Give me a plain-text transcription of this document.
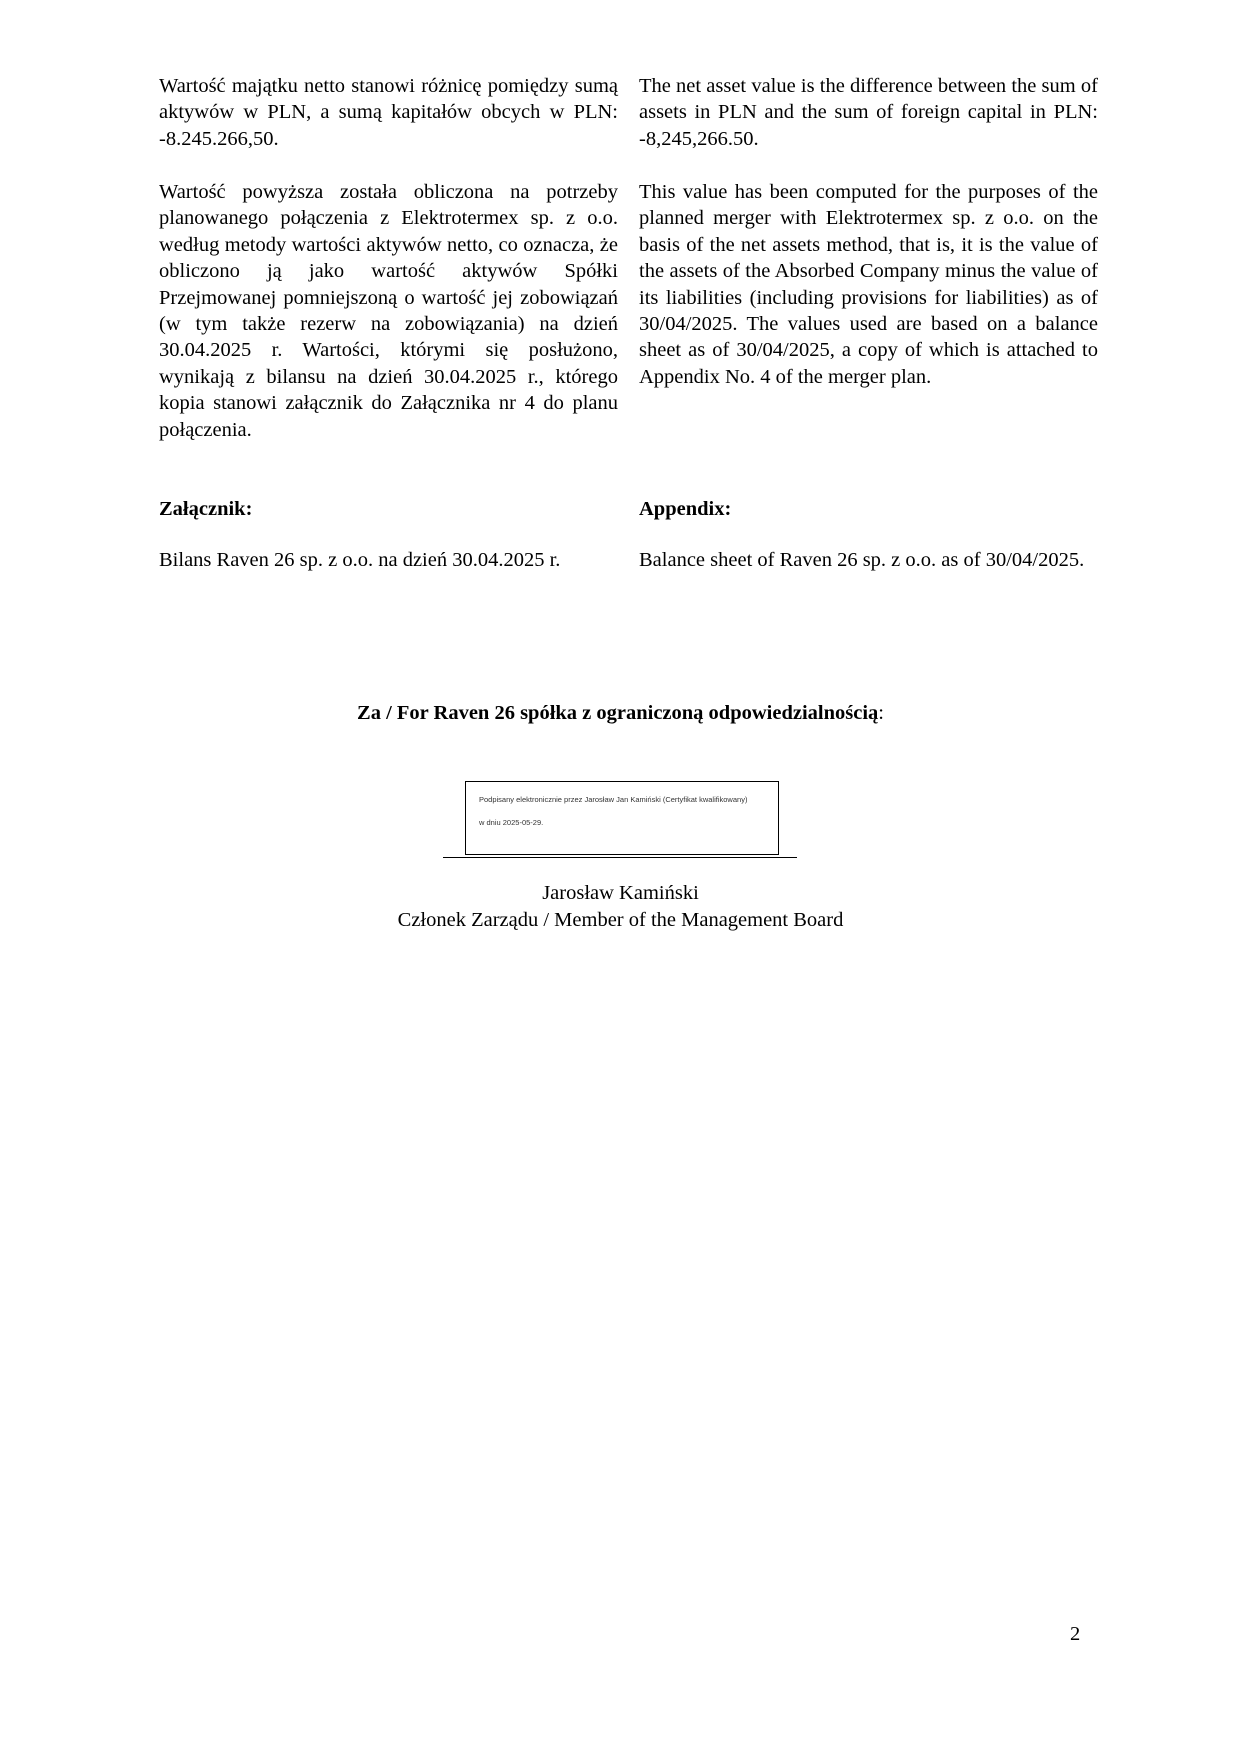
Wartość majątku netto stanowi różnicę pomiędzy sumą aktywów w PLN, a sumą kapitałów obcych w PLN: -8.245.266,50.

Wartość powyższa została obliczona na potrzeby planowanego połączenia z Elektrotermex sp. z o.o. według metody wartości aktywów netto, co oznacza, że obliczono ją jako wartość aktywów Spółki Przejmowanej pomniejszoną o wartość jej zobowiązań (w tym także rezerw na zobowiązania) na dzień 30.04.2025 r. Wartości, którymi się posłużono, wynikają z bilansu na dzień 30.04.2025 r., którego kopia stanowi załącznik do Załącznika nr 4 do planu połączenia.

The net asset value is the difference between the sum of assets in PLN and the sum of foreign capital in PLN: -8,245,266.50.

This value has been computed for the purposes of the planned merger with Elektrotermex sp. z o.o. on the basis of the net assets method, that is, it is the value of the assets of the Absorbed Company minus the value of its liabilities (including provisions for liabilities) as of 30/04/2025. The values used are based on a balance sheet as of 30/04/2025, a copy of which is attached to Appendix No. 4 of the merger plan.

Załącznik:	Appendix:
Bilans Raven 26 sp. z o.o. na dzień 30.04.2025 r.	Balance sheet of Raven 26 sp. z o.o. as of 30/04/2025.
Za / For Raven 26 spółka z ograniczoną odpowiedzialnością:
Podpisany elektronicznie przez Jarosław Jan Kamiński (Certyfikat kwalifikowany)
w dniu 2025-05-29.
Jarosław Kamiński
Członek Zarządu / Member of the Management Board
2
